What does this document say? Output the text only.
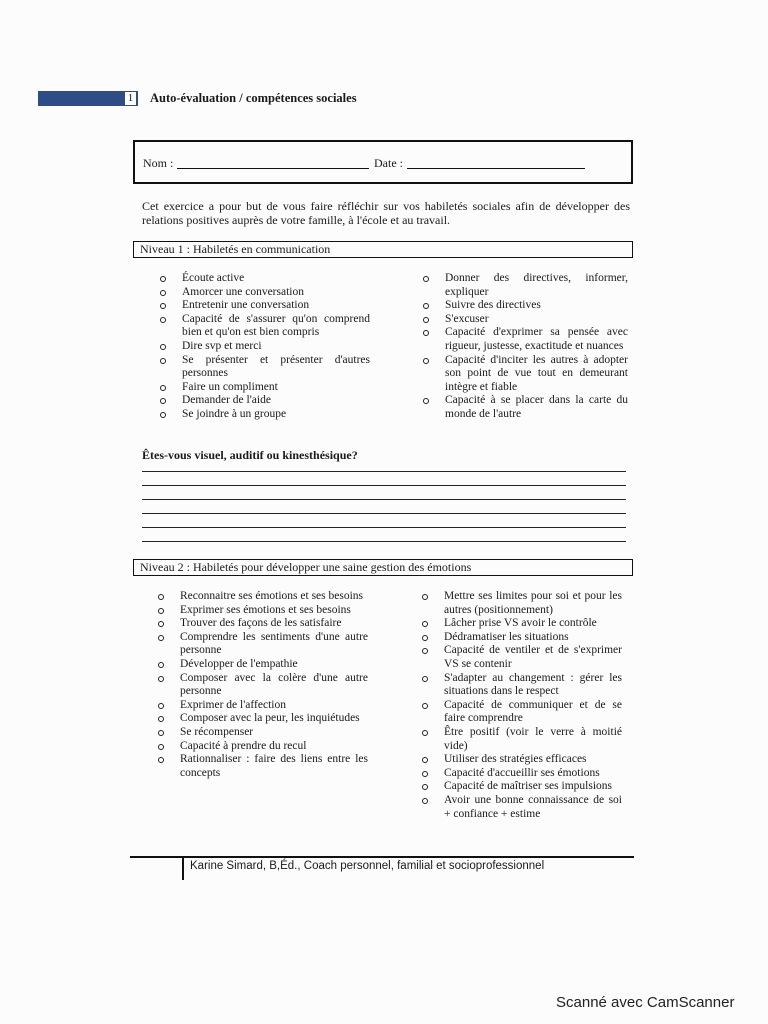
1	Auto-évaluation / compétences sociales
Nom :	Date :
Cet exercice a pour but de vous faire réfléchir sur vos habiletés sociales afin de développer des relations positives auprès de votre famille, à l'école et au travail.
Niveau 1 : Habiletés en communication
Écoute active
Amorcer une conversation
Entretenir une conversation
Capacité de s'assurer qu'on comprend bien et qu'on est bien compris
Dire svp et merci
Se présenter et présenter d'autres personnes
Faire un compliment
Demander de l'aide
Se joindre à un groupe
Donner des directives, informer, expliquer
Suivre des directives
S'excuser
Capacité d'exprimer sa pensée avec rigueur, justesse, exactitude et nuances
Capacité d'inciter les autres à adopter son point de vue tout en demeurant intègre et fiable
Capacité à se placer dans la carte du monde de l'autre
Êtes-vous visuel, auditif ou kinesthésique?
Niveau 2 : Habiletés pour développer une saine gestion des émotions
Reconnaitre ses émotions et ses besoins
Exprimer ses émotions et ses besoins
Trouver des façons de les satisfaire
Comprendre les sentiments d'une autre personne
Développer de l'empathie
Composer avec la colère d'une autre personne
Exprimer de l'affection
Composer avec la peur, les inquiétudes
Se récompenser
Capacité à prendre du recul
Rationnaliser : faire des liens entre les concepts
Mettre ses limites pour soi et pour les autres (positionnement)
Lâcher prise VS avoir le contrôle
Dédramatiser les situations
Capacité de ventiler et de s'exprimer VS se contenir
S'adapter au changement : gérer les situations dans le respect
Capacité de communiquer et de se faire comprendre
Être positif (voir le verre à moitié vide)
Utiliser des stratégies efficaces
Capacité d'accueillir ses émotions
Capacité de maîtriser ses impulsions
Avoir une bonne connaissance de soi + confiance + estime
Karine Simard, B,Éd., Coach personnel, familial et socioprofessionnel
Scanné avec CamScanner
